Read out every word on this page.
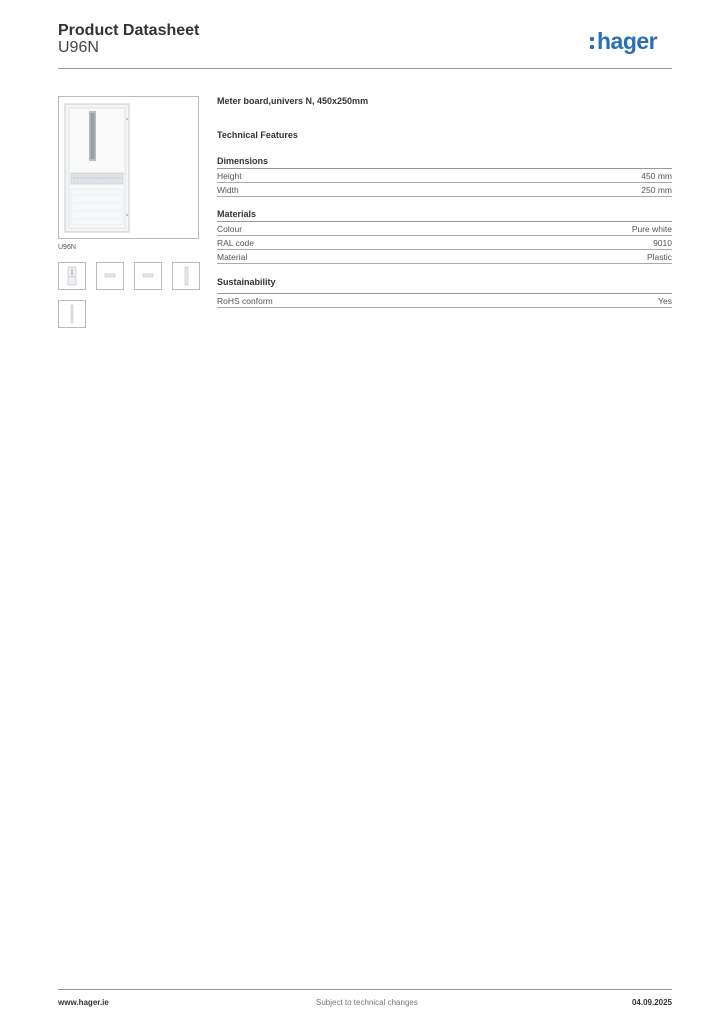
Product Datasheet
U96N	hager
U96N
Meter board,univers N, 450x250mm
Technical Features
Dimensions
Height	450 mm
Width	250 mm
Materials
Colour	Pure white
RAL code	9010
Material	Plastic
Sustainability
RoHS conform	Yes
www.hager.ie	Subject to technical changes	04.09.2025
